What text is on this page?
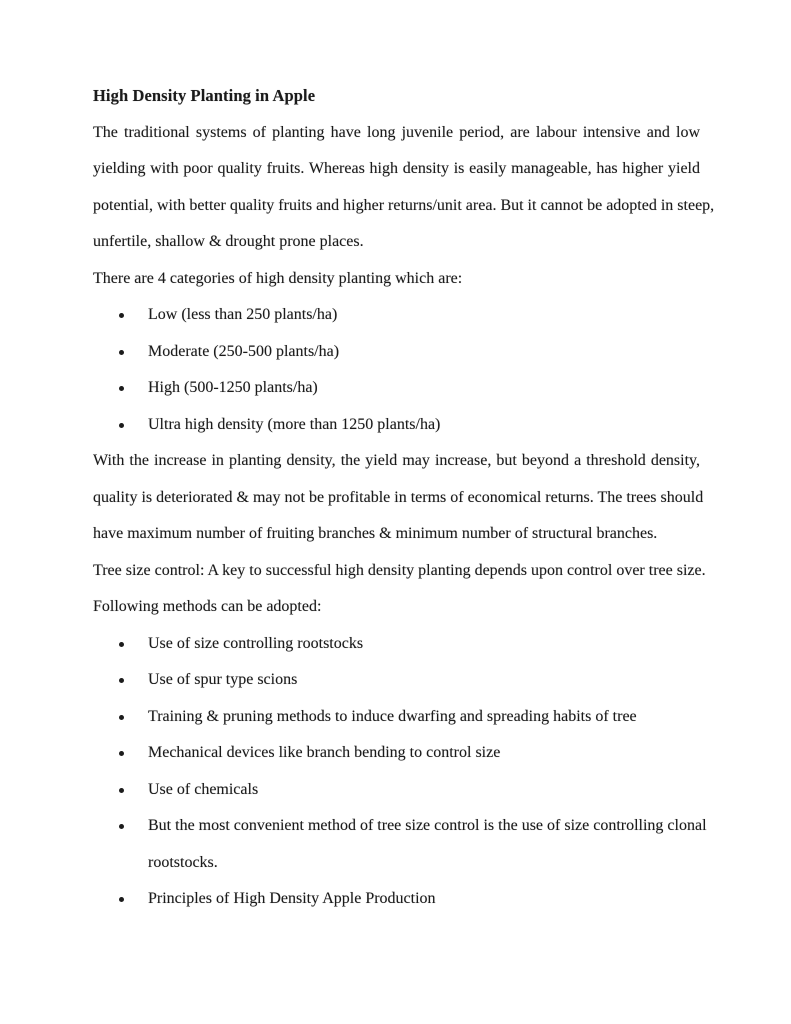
High Density Planting in Apple
The traditional systems of planting have long juvenile period, are labour intensive and low
yielding with poor quality fruits. Whereas high density is easily manageable, has higher yield
potential, with better quality fruits and higher returns/unit area. But it cannot be adopted in steep,
unfertile, shallow & drought prone places.
There are 4 categories of high density planting which are:
Low (less than 250 plants/ha)
Moderate (250-500 plants/ha)
High (500-1250 plants/ha)
Ultra high density (more than 1250 plants/ha)
With the increase in planting density, the yield may increase, but beyond a threshold density,
quality is deteriorated & may not be profitable in terms of economical returns. The trees should
have maximum number of fruiting branches & minimum number of structural branches.
Tree size control: A key to successful high density planting depends upon control over tree size.
Following methods can be adopted:
Use of size controlling rootstocks
Use of spur type scions
Training & pruning methods to induce dwarfing and spreading habits of tree
Mechanical devices like branch bending to control size
Use of chemicals
But the most convenient method of tree size control is the use of size controlling clonal
rootstocks.
Principles of High Density Apple Production
